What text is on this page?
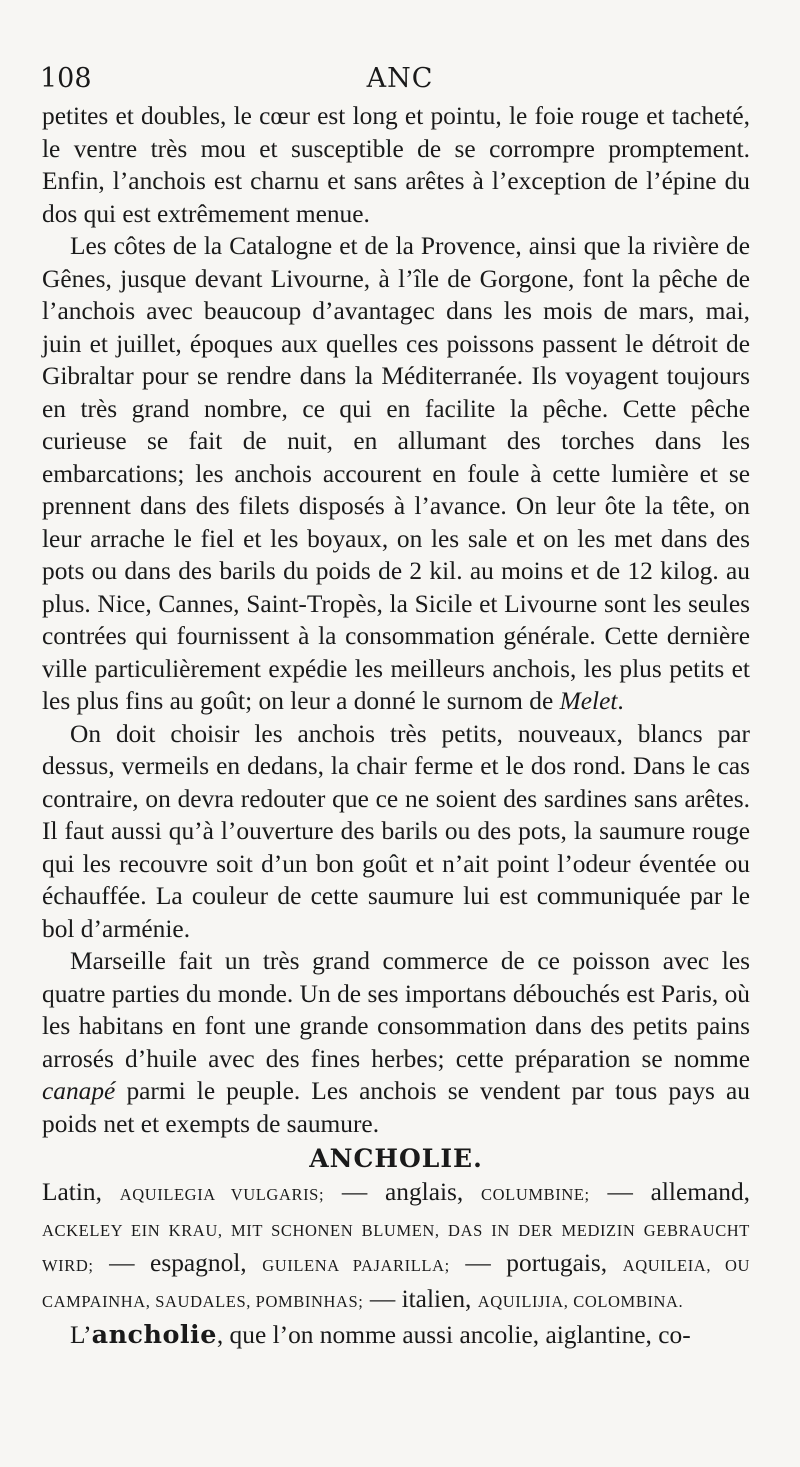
108	ANC

petites et doubles, le cœur est long et pointu, le foie rouge et tacheté, le ventre très mou et susceptible de se corrompre promptement. Enfin, l’anchois est charnu et sans arêtes à l’exception de l’épine du dos qui est extrêmement menue.

Les côtes de la Catalogne et de la Provence, ainsi que la rivière de Gênes, jusque devant Livourne, à l’île de Gorgone, font la pêche de l’anchois avec beaucoup d’avantagec dans les mois de mars, mai, juin et juillet, époques aux quelles ces poissons passent le détroit de Gibraltar pour se rendre dans la Méditerranée. Ils voyagent toujours en très grand nombre, ce qui en facilite la pêche. Cette pêche curieuse se fait de nuit, en allumant des torches dans les embarcations; les anchois accourent en foule à cette lumière et se prennent dans des filets disposés à l’avance. On leur ôte la tête, on leur arrache le fiel et les boyaux, on les sale et on les met dans des pots ou dans des barils du poids de 2 kil. au moins et de 12 kilog. au plus. Nice, Cannes, Saint-Tropès, la Sicile et Livourne sont les seules contrées qui fournissent à la consommation générale. Cette dernière ville particulièrement expédie les meilleurs anchois, les plus petits et les plus fins au goût; on leur a donné le surnom de Melet.

On doit choisir les anchois très petits, nouveaux, blancs par dessus, vermeils en dedans, la chair ferme et le dos rond. Dans le cas contraire, on devra redouter que ce ne soient des sardines sans arêtes. Il faut aussi qu’à l’ouverture des barils ou des pots, la saumure rouge qui les recouvre soit d’un bon goût et n’ait point l’odeur éventée ou échauffée. La couleur de cette saumure lui est communiquée par le bol d’arménie.

Marseille fait un très grand commerce de ce poisson avec les quatre parties du monde. Un de ses importans débouchés est Paris, où les habitans en font une grande consommation dans des petits pains arrosés d’huile avec des fines herbes; cette préparation se nomme canapé parmi le peuple. Les anchois se vendent par tous pays au poids net et exempts de saumure.

ANCHOLIE.

Latin, AQUILEGIA VULGARIS; — anglais, COLUMBINE; — allemand, ACKELEY EIN KRAU, MIT SCHONEN BLUMEN, DAS IN DER MEDIZIN GEBRAUCHT WIRD; — espagnol, GUILENA PAJARILLA; — portugais, AQUILEIA, OU CAMPAINHA, SAUDALES, POMBINHAS; — italien, AQUILIJIA, COLOMBINA.

L’ancholie, que l’on nomme aussi ancolie, aiglantine, co-
